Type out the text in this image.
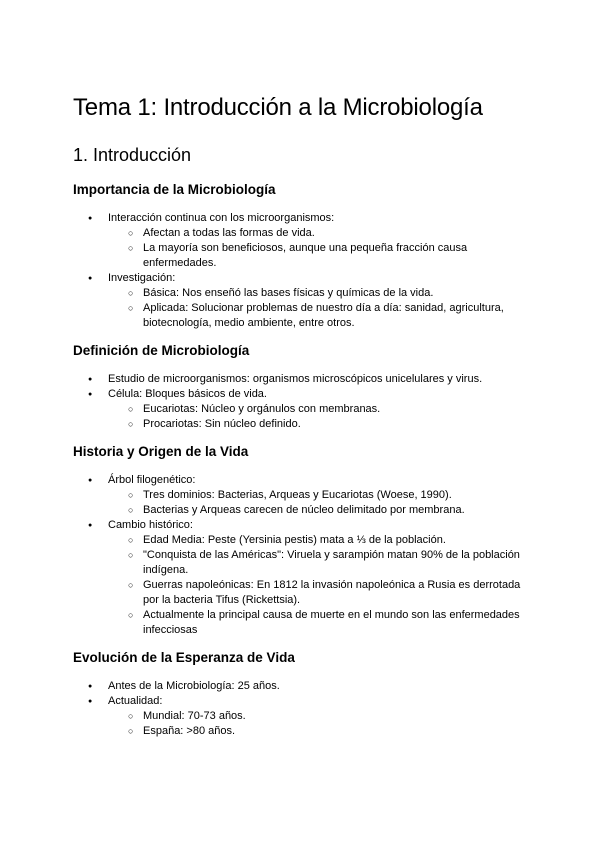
Tema 1: Introducción a la Microbiología
1. Introducción
Importancia de la Microbiología
● Interacción continua con los microorganismos:
○ Afectan a todas las formas de vida.
○ La mayoría son beneficiosos, aunque una pequeña fracción causa enfermedades.
● Investigación:
○ Básica: Nos enseñó las bases físicas y químicas de la vida.
○ Aplicada: Solucionar problemas de nuestro día a día: sanidad, agricultura, biotecnología, medio ambiente, entre otros.
Definición de Microbiología
● Estudio de microorganismos: organismos microscópicos unicelulares y virus.
● Célula: Bloques básicos de vida.
○ Eucariotas: Núcleo y orgánulos con membranas.
○ Procariotas: Sin núcleo definido.
Historia y Origen de la Vida
● Árbol filogenético:
○ Tres dominios: Bacterias, Arqueas y Eucariotas (Woese, 1990).
○ Bacterias y Arqueas carecen de núcleo delimitado por membrana.
● Cambio histórico:
○ Edad Media: Peste (Yersinia pestis) mata a ⅓ de la población.
○ "Conquista de las Américas": Viruela y sarampión matan 90% de la población indígena.
○ Guerras napoleónicas: En 1812 la invasión napoleónica a Rusia es derrotada por la bacteria Tifus (Rickettsia).
○ Actualmente la principal causa de muerte en el mundo son las enfermedades infecciosas
Evolución de la Esperanza de Vida
● Antes de la Microbiología: 25 años.
● Actualidad:
○ Mundial: 70-73 años.
○ España: >80 años.
